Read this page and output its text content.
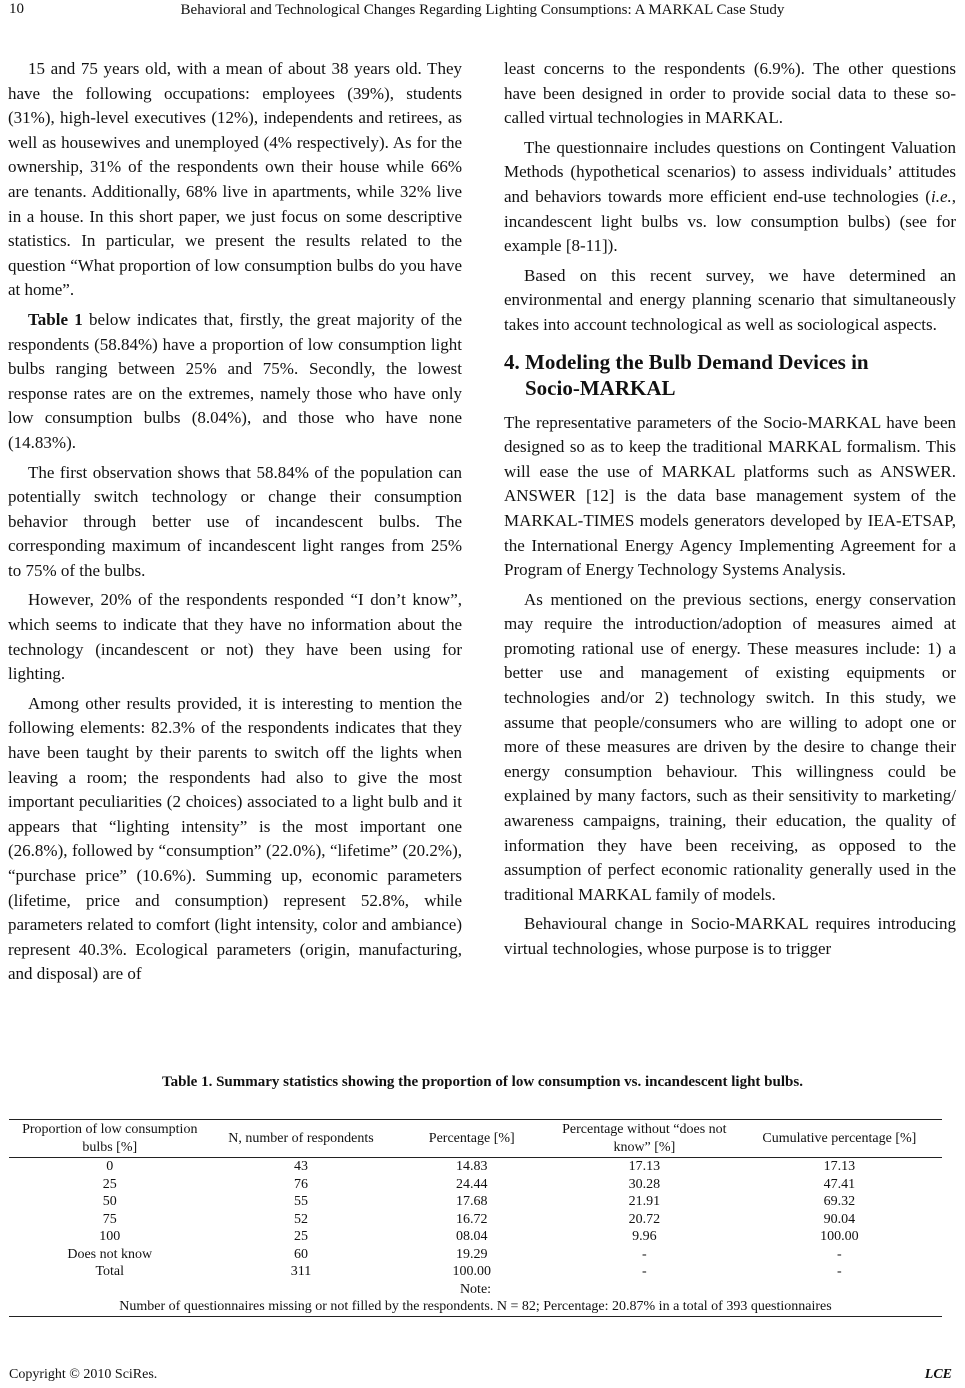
10	Behavioral and Technological Changes Regarding Lighting Consumptions: A MARKAL Case Study

15 and 75 years old, with a mean of about 38 years old. They have the following occupations: employees (39%), students (31%), high-level executives (12%), independents and retirees, as well as housewives and unemployed (4% respectively). As for the ownership, 31% of the respondents own their house while 66% are tenants. Additionally, 68% live in apartments, while 32% live in a house. In this short paper, we just focus on some descriptive statistics. In particular, we present the results related to the question “What proportion of low consumption bulbs do you have at home”.

Table 1 below indicates that, firstly, the great majority of the respondents (58.84%) have a proportion of low consumption light bulbs ranging between 25% and 75%. Secondly, the lowest response rates are on the extremes, namely those who have only low consumption bulbs (8.04%), and those who have none (14.83%).

The first observation shows that 58.84% of the population can potentially switch technology or change their consumption behavior through better use of incandescent bulbs. The corresponding maximum of incandescent light ranges from 25% to 75% of the bulbs.

However, 20% of the respondents responded “I don’t know”, which seems to indicate that they have no information about the technology (incandescent or not) they have been using for lighting.

Among other results provided, it is interesting to mention the following elements: 82.3% of the respondents indicates that they have been taught by their parents to switch off the lights when leaving a room; the respondents had also to give the most important peculiarities (2 choices) associated to a light bulb and it appears that “lighting intensity” is the most important one (26.8%), followed by “consumption” (22.0%), “lifetime” (20.2%), “purchase price” (10.6%). Summing up, economic parameters (lifetime, price and consumption) represent 52.8%, while parameters related to comfort (light intensity, color and ambiance) represent 40.3%. Ecological parameters (origin, manufacturing, and disposal) are of

least concerns to the respondents (6.9%). The other questions have been designed in order to provide social data to these so-called virtual technologies in MARKAL.

The questionnaire includes questions on Contingent Valuation Methods (hypothetical scenarios) to assess individuals’ attitudes and behaviors towards more efficient end-use technologies (i.e., incandescent light bulbs vs. low consumption bulbs) (see for example [8-11]).

Based on this recent survey, we have determined an environmental and energy planning scenario that simultaneously takes into account technological as well as sociological aspects.

4. Modeling the Bulb Demand Devices in
Socio-MARKAL

The representative parameters of the Socio-MARKAL have been designed so as to keep the traditional MARKAL formalism. This will ease the use of MARKAL platforms such as ANSWER. ANSWER [12] is the data base management system of the MARKAL-TIMES models generators developed by IEA-ETSAP, the International Energy Agency Implementing Agreement for a Program of Energy Technology Systems Analysis.

As mentioned on the previous sections, energy conservation may require the introduction/adoption of measures aimed at promoting rational use of energy. These measures include: 1) a better use and management of existing equipments or technologies and/or 2) technology switch. In this study, we assume that people/consumers who are willing to adopt one or more of these measures are driven by the desire to change their energy consumption behaviour. This willingness could be explained by many factors, such as their sensitivity to marketing/ awareness campaigns, training, their education, the quality of information they have been receiving, as opposed to the assumption of perfect economic rationality generally used in the traditional MARKAL family of models.

Behavioural change in Socio-MARKAL requires introducing virtual technologies, whose purpose is to trigger

Table 1. Summary statistics showing the proportion of low consumption vs. incandescent light bulbs.
Proportion of low consumption bulbs [%]	N, number of respondents	Percentage [%]	Percentage without “does not know” [%]	Cumulative percentage [%]
0	43	14.83	17.13	17.13
25	76	24.44	30.28	47.41
50	55	17.68	21.91	69.32
75	52	16.72	20.72	90.04
100	25	08.04	9.96	100.00
Does not know	60	19.29	-	-
Total	311	100.00	-	-
Note:				
Number of questionnaires missing or not filled by the respondents. N = 82; Percentage: 20.87% in a total of 393 questionnaires				
Copyright © 2010 SciRes.	LCE
